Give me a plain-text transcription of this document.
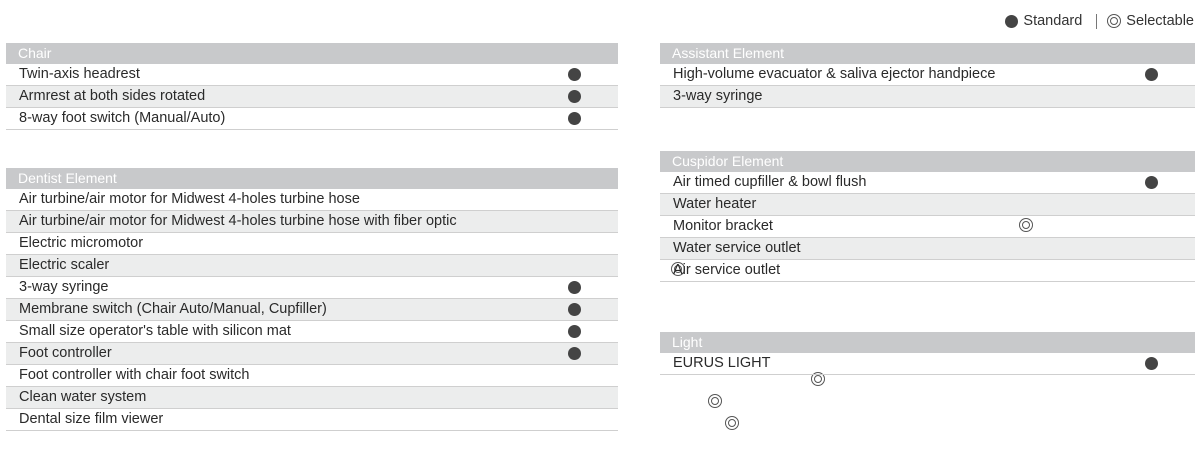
Standard	Selectable
Chair
Twin-axis headrest
Armrest at both sides rotated
8-way foot switch (Manual/Auto)
Dentist Element
Air turbine/air motor for Midwest 4-holes turbine hose
Air turbine/air motor for Midwest 4-holes turbine hose with fiber optic
Electric micromotor
Electric scaler
3-way syringe
Membrane switch (Chair Auto/Manual, Cupfiller)
Small size operator's table with silicon mat
Foot controller
Foot controller with chair foot switch
Clean water system
Dental size film viewer
Assistant Element
High-volume evacuator & saliva ejector handpiece
3-way syringe
Cuspidor Element
Air timed cupfiller & bowl flush
Water heater
Monitor bracket
Water service outlet
Air service outlet
Light
EURUS LIGHT
